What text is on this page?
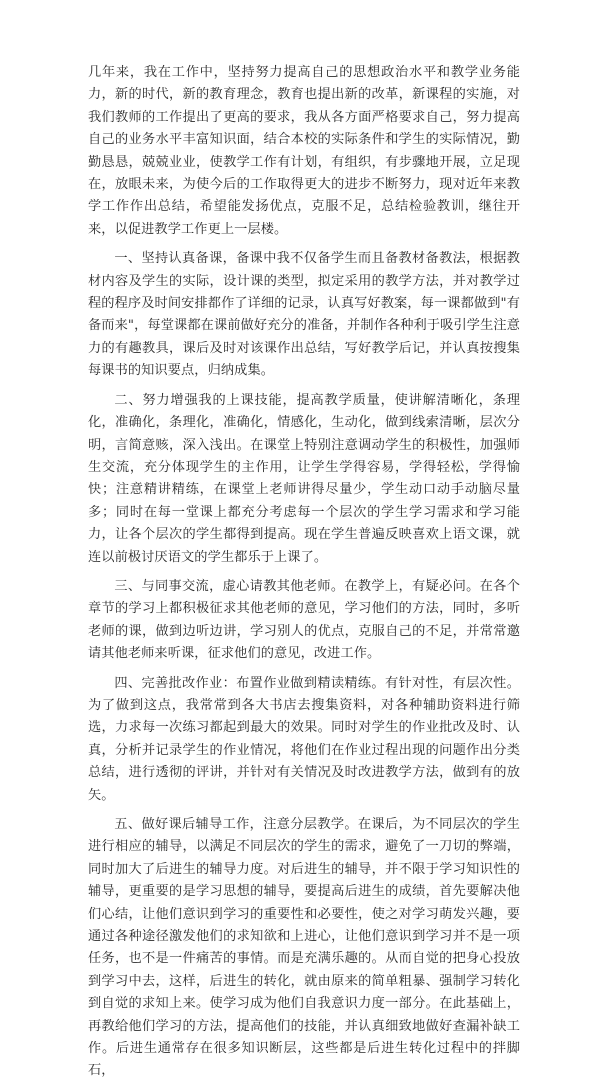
几年来，我在工作中，坚持努力提高自己的思想政治水平和教学业务能力，新的时代，新的教育理念，教育也提出新的改革，新课程的实施，对我们教师的工作提出了更高的要求，我从各方面严格要求自己，努力提高自己的业务水平丰富知识面，结合本校的实际条件和学生的实际情况，勤勤恳恳，兢兢业业，使教学工作有计划，有组织，有步骤地开展，立足现在，放眼未来，为使今后的工作取得更大的进步不断努力，现对近年来教学工作作出总结，希望能发扬优点，克服不足，总结检验教训，继往开来，以促进教学工作更上一层楼。

一、坚持认真备课，备课中我不仅备学生而且备教材备教法，根据教材内容及学生的实际，设计课的类型，拟定采用的教学方法，并对教学过程的程序及时间安排都作了详细的记录，认真写好教案，每一课都做到"有备而来"，每堂课都在课前做好充分的准备，并制作各种利于吸引学生注意力的有趣教具，课后及时对该课作出总结，写好教学后记，并认真按搜集每课书的知识要点，归纳成集。

二、努力增强我的上课技能，提高教学质量，使讲解清晰化，条理化，准确化，条理化，准确化，情感化，生动化，做到线索清晰，层次分明，言简意赅，深入浅出。在课堂上特别注意调动学生的积极性，加强师生交流，充分体现学生的主作用，让学生学得容易，学得轻松，学得愉快；注意精讲精练，在课堂上老师讲得尽量少，学生动口动手动脑尽量多；同时在每一堂课上都充分考虑每一个层次的学生学习需求和学习能力，让各个层次的学生都得到提高。现在学生普遍反映喜欢上语文课，就连以前极讨厌语文的学生都乐于上课了。

三、与同事交流，虚心请教其他老师。在教学上，有疑必问。在各个章节的学习上都积极征求其他老师的意见，学习他们的方法，同时，多听老师的课，做到边听边讲，学习别人的优点，克服自己的不足，并常常邀请其他老师来听课，征求他们的意见，改进工作。

四、完善批改作业：布置作业做到精读精练。有针对性，有层次性。为了做到这点，我常常到各大书店去搜集资料，对各种辅助资料进行筛选，力求每一次练习都起到最大的效果。同时对学生的作业批改及时、认真，分析并记录学生的作业情况，将他们在作业过程出现的问题作出分类总结，进行透彻的评讲，并针对有关情况及时改进教学方法，做到有的放矢。

五、做好课后辅导工作，注意分层教学。在课后，为不同层次的学生进行相应的辅导，以满足不同层次的学生的需求，避免了一刀切的弊端，同时加大了后进生的辅导力度。对后进生的辅导，并不限于学习知识性的辅导，更重要的是学习思想的辅导，要提高后进生的成绩，首先要解决他们心结，让他们意识到学习的重要性和必要性，使之对学习萌发兴趣，要通过各种途径激发他们的求知欲和上进心，让他们意识到学习并不是一项任务，也不是一件痛苦的事情。而是充满乐趣的。从而自觉的把身心投放到学习中去，这样，后进生的转化，就由原来的简单粗暴、强制学习转化到自觉的求知上来。使学习成为他们自我意识力度一部分。在此基础上，再教给他们学习的方法，提高他们的技能，并认真细致地做好查漏补缺工作。后进生通常存在很多知识断层，这些都是后进生转化过程中的拌脚石，
